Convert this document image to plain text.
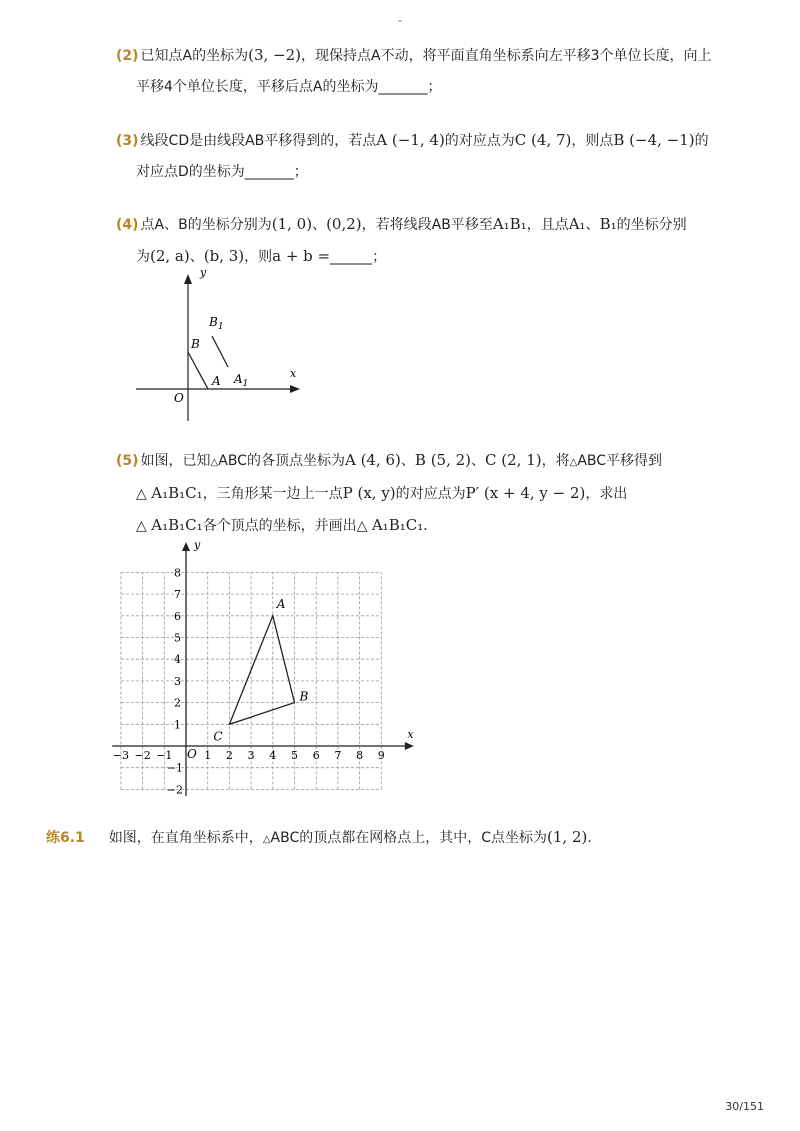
-
(2) 已知点A的坐标为(3, −2)，现保持点A不动，将平面直角坐标系向左平移3个单位长度，向上
平移4个单位长度，平移后点A的坐标为_______；
(3) 线段CD是由线段AB平移得到的，若点A (−1, 4)的对应点为C (4, 7)，则点B (−4, −1)的
对应点D的坐标为_______；
(4) 点A、B的坐标分别为(1, 0)、(0,2)，若将线段AB平移至A₁B₁，且点A₁、B₁的坐标分别
为(2, a)、(b, 3)，则a + b =______；
y
x
O
B
A
$B_1$
$A_1$
(5) 如图，已知△ABC的各顶点坐标为A (4, 6)、B (5, 2)、C (2, 1)，将△ABC平移得到
△ A₁B₁C₁，三角形某一边上一点P (x, y)的对应点为P′ (x + 4, y − 2)，求出
△ A₁B₁C₁各个顶点的坐标，并画出△ A₁B₁C₁．
x
y
O
−3 −2 −1	1 2 3 4 5 6 7 8 9
1
2
3
4
5
6
7
8
−1
−2
A
B
C
练6.1 如图，在直角坐标系中，△ABC的顶点都在网格点上，其中，C点坐标为(1, 2)．
30/151
